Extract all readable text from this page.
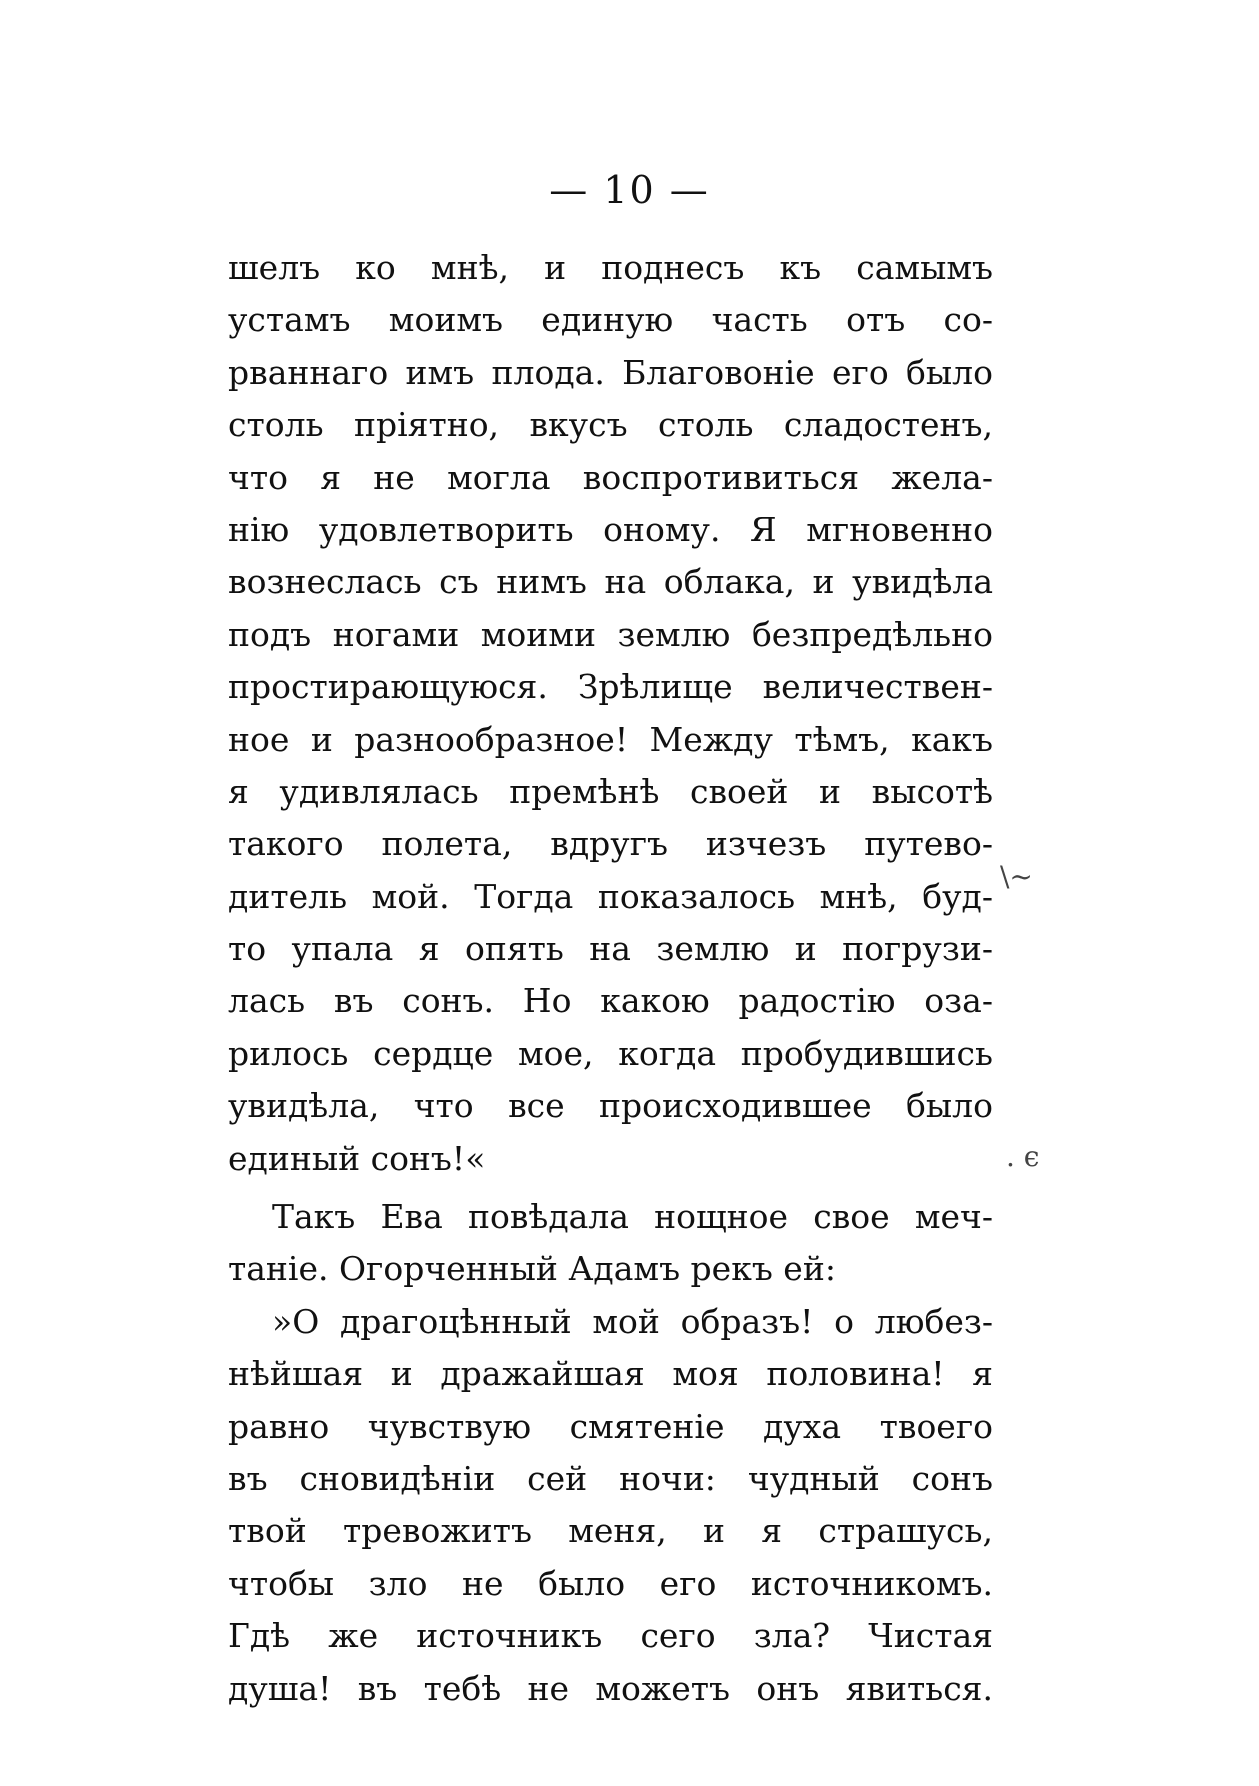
— 10 —
шелъ ко мнѣ, и поднесъ къ самымъ
устамъ моимъ единую часть отъ со-
рваннаго имъ плода. Благовоніе его было
столь пріятно, вкусъ столь сладостенъ,
что я не могла воспротивиться жела-
нію удовлетворить оному. Я мгновенно
вознеслась съ нимъ на облака, и увидѣла
подъ ногами моими землю безпредѣльно
простирающуюся. Зрѣлище величествен-
ное и разнообразное! Между тѣмъ, какъ
я удивлялась премѣнѣ своей и высотѣ
такого полета, вдругъ изчезъ путево-
дитель мой. Тогда показалось мнѣ, буд-
то упала я опять на землю и погрузи-
лась въ сонъ. Но какою радостію оза-
рилось сердце мое, когда пробудившись
увидѣла, что все происходившее было
единый сонъ!«
Такъ Ева повѣдала нощное свое меч-
таніе. Огорченный Адамъ рекъ ей:
»О драгоцѣнный мой образъ! о любез-
нѣйшая и дражайшая моя половина! я
равно чувствую смятеніе духа твоего
въ сновидѣніи сей ночи: чудный сонъ
твой тревожитъ меня, и я страшусь,
чтобы зло не было его источникомъ.
Гдѣ же источникъ сего зла? Чистая
душа! въ тебѣ не можетъ онъ явиться.
\~
. ϵ
